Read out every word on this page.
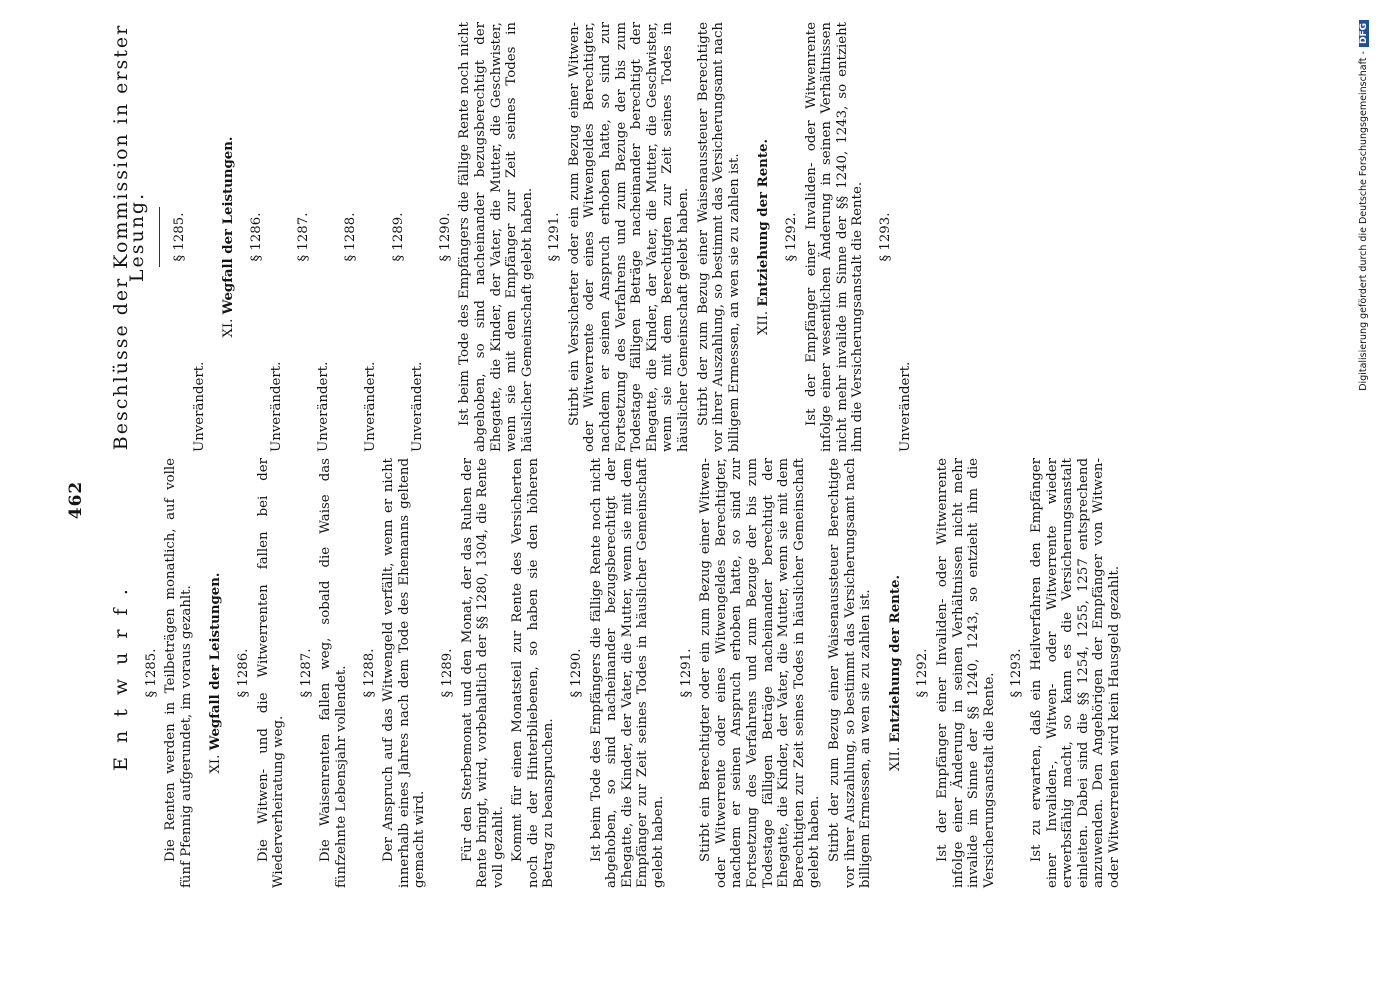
462
Entwurf. § 1285. Die Renten werden in Teilbeträgen monatlich, auf volle fünf Pfennig aufgerundet, im voraus gezahlt. XI. Wegfall der Leistungen. § 1286. Die Witwen- und die Witwerrenten fallen bei der Wiederverheiratung weg.
§ 1287. Die Waisenrenten fallen weg, sobald die Waise das fünfzehnte Lebensjahr vollendet. § 1288. Der Anspruch auf das Witwengeld verfällt, wenn er nicht innerhalb eines Jahres nach dem Tode des Ehemanns geltend gemacht wird.
§ 1289. Für den Sterbemonat und den Monat, der das Ruhen der Rente bringt, wird, vorbehaltlich der §§ 1280, 1304, die Rente voll gezahlt. Kommt für einen Monatsteil zur Rente des Versicherten noch die der Hinterbliebenen, so haben sie den höheren Betrag zu beanspruchen.
§ 1290. Ist beim Tode des Empfängers die fällige Rente noch nicht abgehoben, so sind nacheinander bezugsberechtigt der Ehegatte, die Kinder, der Vater, die Mutter, wenn sie mit dem Empfänger zur Zeit seines Todes in häuslicher Gemeinschaft gelebt haben.
§ 1291. Stirbt ein Berechtigter oder ein zum Bezug einer Witwen- oder Witwerrente oder eines Witwengeldes Berechtigter, nachdem er seinen Anspruch erhoben hatte, so sind zur Fortsetzung des Verfahrens und zum Bezuge der bis zum Todestage fälligen Beträge nacheinander berechtigt der Ehegatte, die Kinder, der Vater, die Mutter, wenn sie mit dem Berechtigten zur Zeit seines Todes in häuslicher Gemeinschaft gelebt haben. Stirbt der zum Bezug einer Waisenaussteuer Berechtigte vor ihrer Auszahlung, so bestimmt das Versicherungsamt nach billigem Ermessen, an wen sie zu zahlen ist. XII. Entziehung der Rente. § 1292. Ist der Empfänger einer Invaliden- oder Witwenrente infolge einer Änderung in seinen Verhältnissen nicht mehr invalide im Sinne der §§ 1240, 1243, so entzieht ihm die Versicherungsanstalt die Rente. § 1293. Ist zu erwarten, daß ein Heilverfahren den Empfänger einer Invaliden-, Witwen- oder Witwerrente wieder erwerbsfähig macht, so kann es die Versicherungsanstalt einleiten. Dabei sind die §§ 1254, 1255, 1257 entsprechend anzuwenden. Den Angehörigen der Empfänger von Witwen- oder Witwerrenten wird kein Hausgeld gezahlt.
Beschlüsse der Kommission in erster Lesung. § 1285.
Unverändert.
XI. Wegfall der Leistungen. § 1286.
Unverändert.
§ 1287.
Unverändert.
§ 1288.
Unverändert.
§ 1289.
Unverändert.
§ 1290. Ist beim Tode des Empfängers die fällige Rente noch nicht abgehoben, so sind nacheinander bezugsberechtigt der Ehegatte, die Kinder, der Vater, die Mutter, die Geschwister, wenn sie mit dem Empfänger zur Zeit seines Todes in häuslicher Gemeinschaft gelebt haben. § 1291. Stirbt ein Versicherter oder ein zum Bezug einer Witwen- oder Witwerrente oder eines Witwengeldes Berechtigter, nachdem er seinen Anspruch erhoben hatte, so sind zur Fortsetzung des Verfahrens und zum Bezuge der bis zum Todestage fälligen Beträge nacheinander berechtigt der Ehegatte, die Kinder, der Vater, die Mutter, die Geschwister, wenn sie mit dem Berechtigten zur Zeit seines Todes in häuslicher Gemeinschaft gelebt haben. Stirbt der zum Bezug einer Waisenaussteuer Berechtigte vor ihrer Auszahlung, so bestimmt das Versicherungsamt nach billigem Ermessen, an wen sie zu zahlen ist. XII. Entziehung der Rente. § 1292. Ist der Empfänger einer Invaliden- oder Witwenrente infolge einer wesentlichen Änderung in seinen Verhältnissen nicht mehr invalide im Sinne der §§ 1240, 1243, so entzieht ihm die Versicherungsanstalt die Rente. § 1293.
Unverändert.
Digitalisierung gefördert durch die Deutsche Forschungsgemeinschaft -DFG
